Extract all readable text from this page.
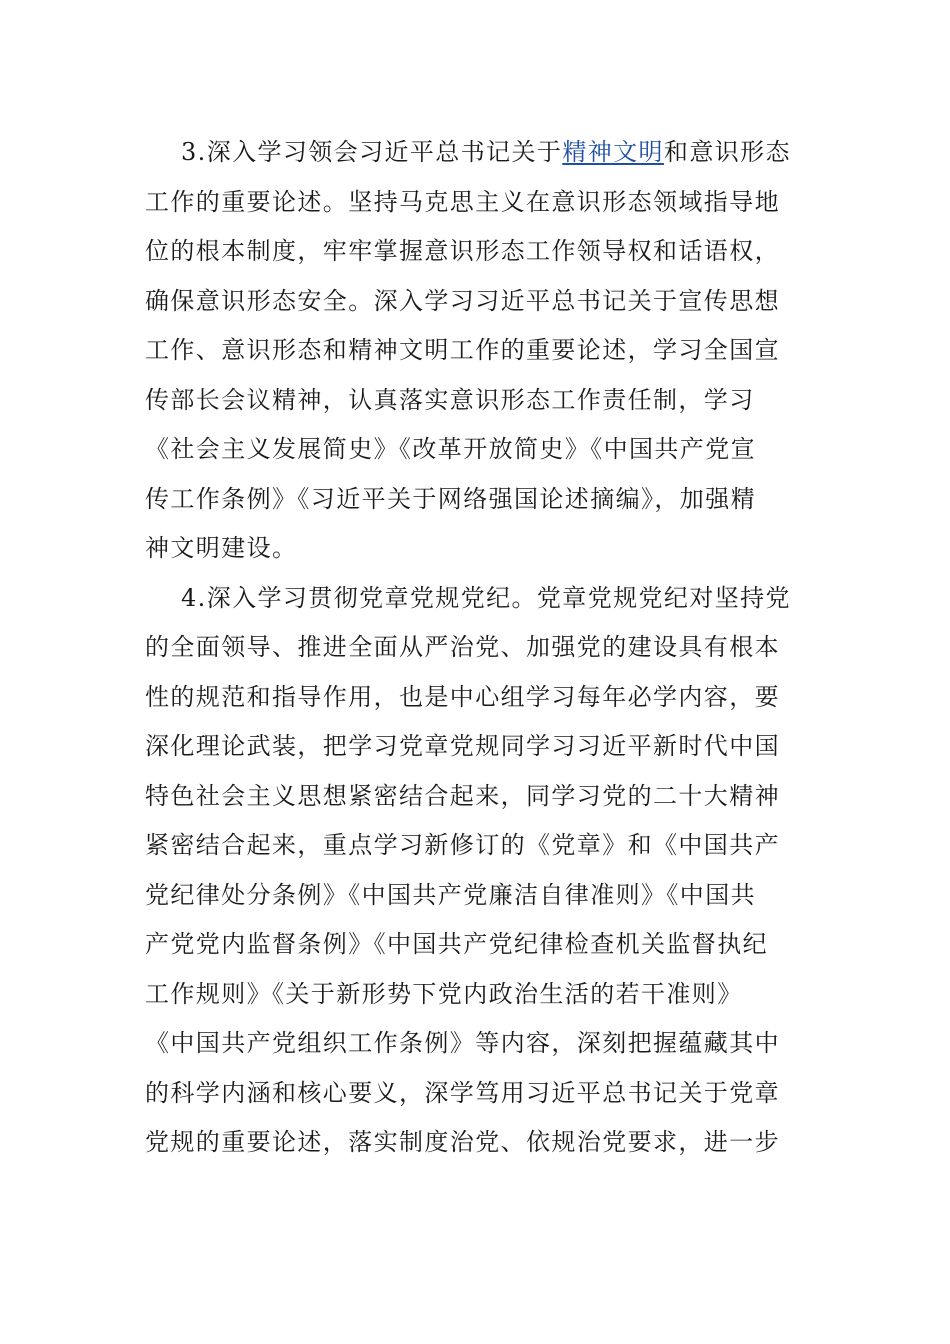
3.深入学习领会习近平总书记关于精神文明和意识形态
工作的重要论述。坚持马克思主义在意识形态领域指导地
位的根本制度，牢牢掌握意识形态工作领导权和话语权，
确保意识形态安全。深入学习习近平总书记关于宣传思想
工作、意识形态和精神文明工作的重要论述，学习全国宣
传部长会议精神，认真落实意识形态工作责任制，学习
《社会主义发展简史》《改革开放简史》《中国共产党宣
传工作条例》《习近平关于网络强国论述摘编》，加强精
神文明建设。
4.深入学习贯彻党章党规党纪。党章党规党纪对坚持党
的全面领导、推进全面从严治党、加强党的建设具有根本
性的规范和指导作用，也是中心组学习每年必学内容，要
深化理论武装，把学习党章党规同学习习近平新时代中国
特色社会主义思想紧密结合起来，同学习党的二十大精神
紧密结合起来，重点学习新修订的《党章》和《中国共产
党纪律处分条例》《中国共产党廉洁自律准则》《中国共
产党党内监督条例》《中国共产党纪律检查机关监督执纪
工作规则》《关于新形势下党内政治生活的若干准则》
《中国共产党组织工作条例》等内容，深刻把握蕴藏其中
的科学内涵和核心要义，深学笃用习近平总书记关于党章
党规的重要论述，落实制度治党、依规治党要求，进一步
